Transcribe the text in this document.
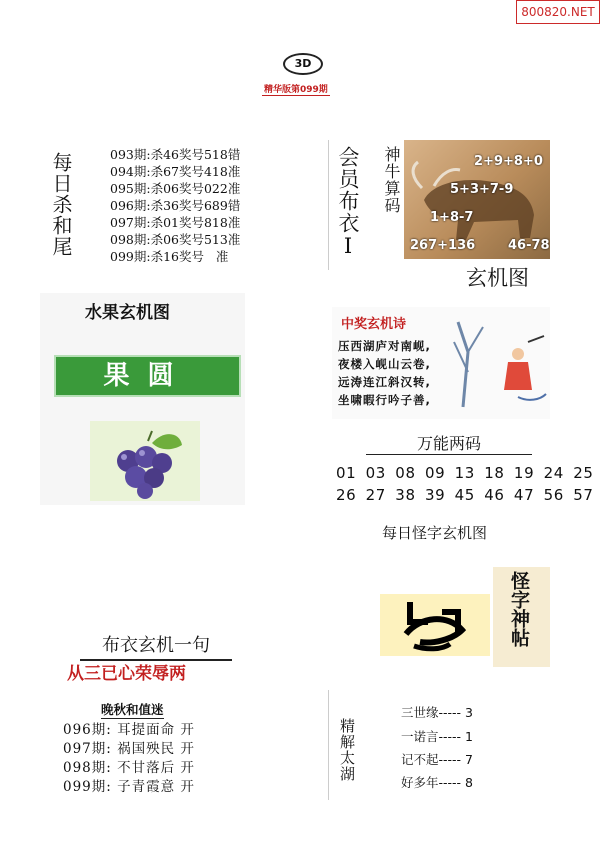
800820.NET
3D
精华版第099期
每日杀和尾	093期:杀46奖号518错
094期:杀67奖号418准
095期:杀06奖号022准
096期:杀36奖号689错
097期:杀01奖号818准
098期:杀06奖号513准
099期:杀16奖号   准
水果玄机图
果圆
会员布衣I 神牛算码	2+9+8+0
5+3+7-9
1+8-7
267+136	46-78
玄机图
中奖玄机诗
压西湖庐对南岘,
夜楼入岘山云卷,
远涛连江斜汉转,
坐啸暇行吟子善,
万能两码
01 03 08 09 13 18 19 24 25
26 27 38 39 45 46 47 56 57
每日怪字玄机图
怪字神帖
布衣玄机一句
从三已心荣辱两
晚秋和值迷
096期: 耳提面命 开
097期: 祸国殃民 开
098期: 不甘落后 开
099期: 子青霞意 开
精解太湖
三世缘----- 3
一诺言----- 1
记不起----- 7
好多年----- 8
